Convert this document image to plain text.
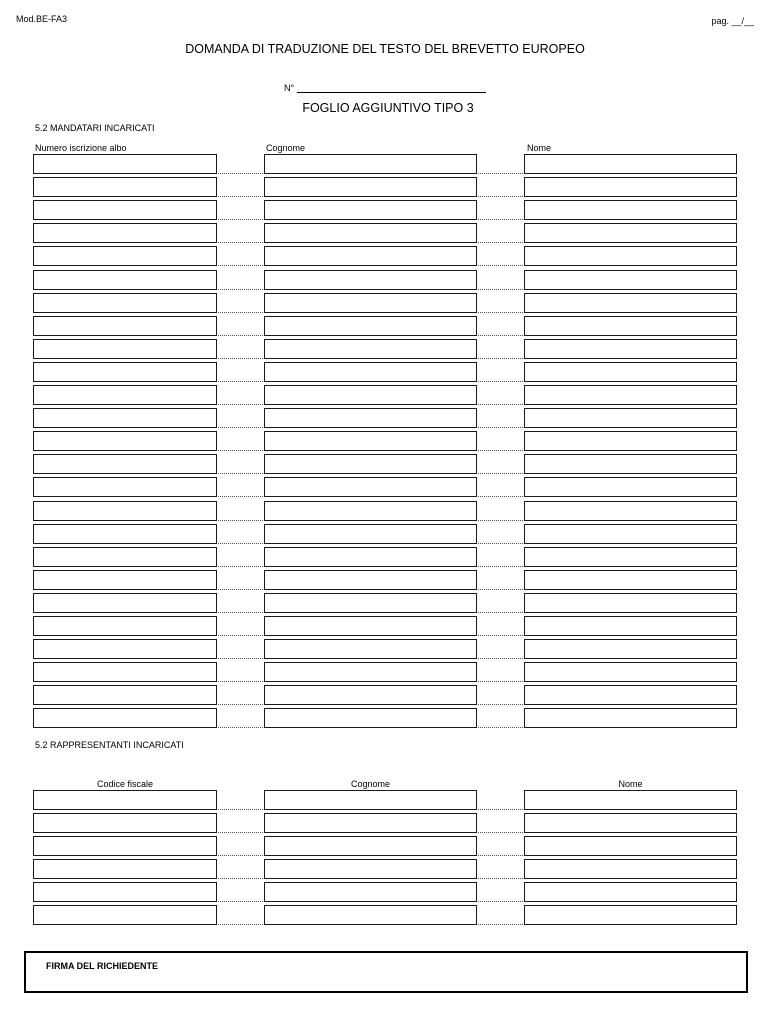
Mod.BE-FA3	pag. __/__
DOMANDA DI TRADUZIONE DEL TESTO DEL BREVETTO EUROPEO
N°
FOGLIO AGGIUNTIVO TIPO 3
5.2 MANDATARI INCARICATI
Numero iscrizione albo	Cognome	Nome
5.2 RAPPRESENTANTI INCARICATI
Codice fiscale	Cognome	Nome
FIRMA DEL RICHIEDENTE
